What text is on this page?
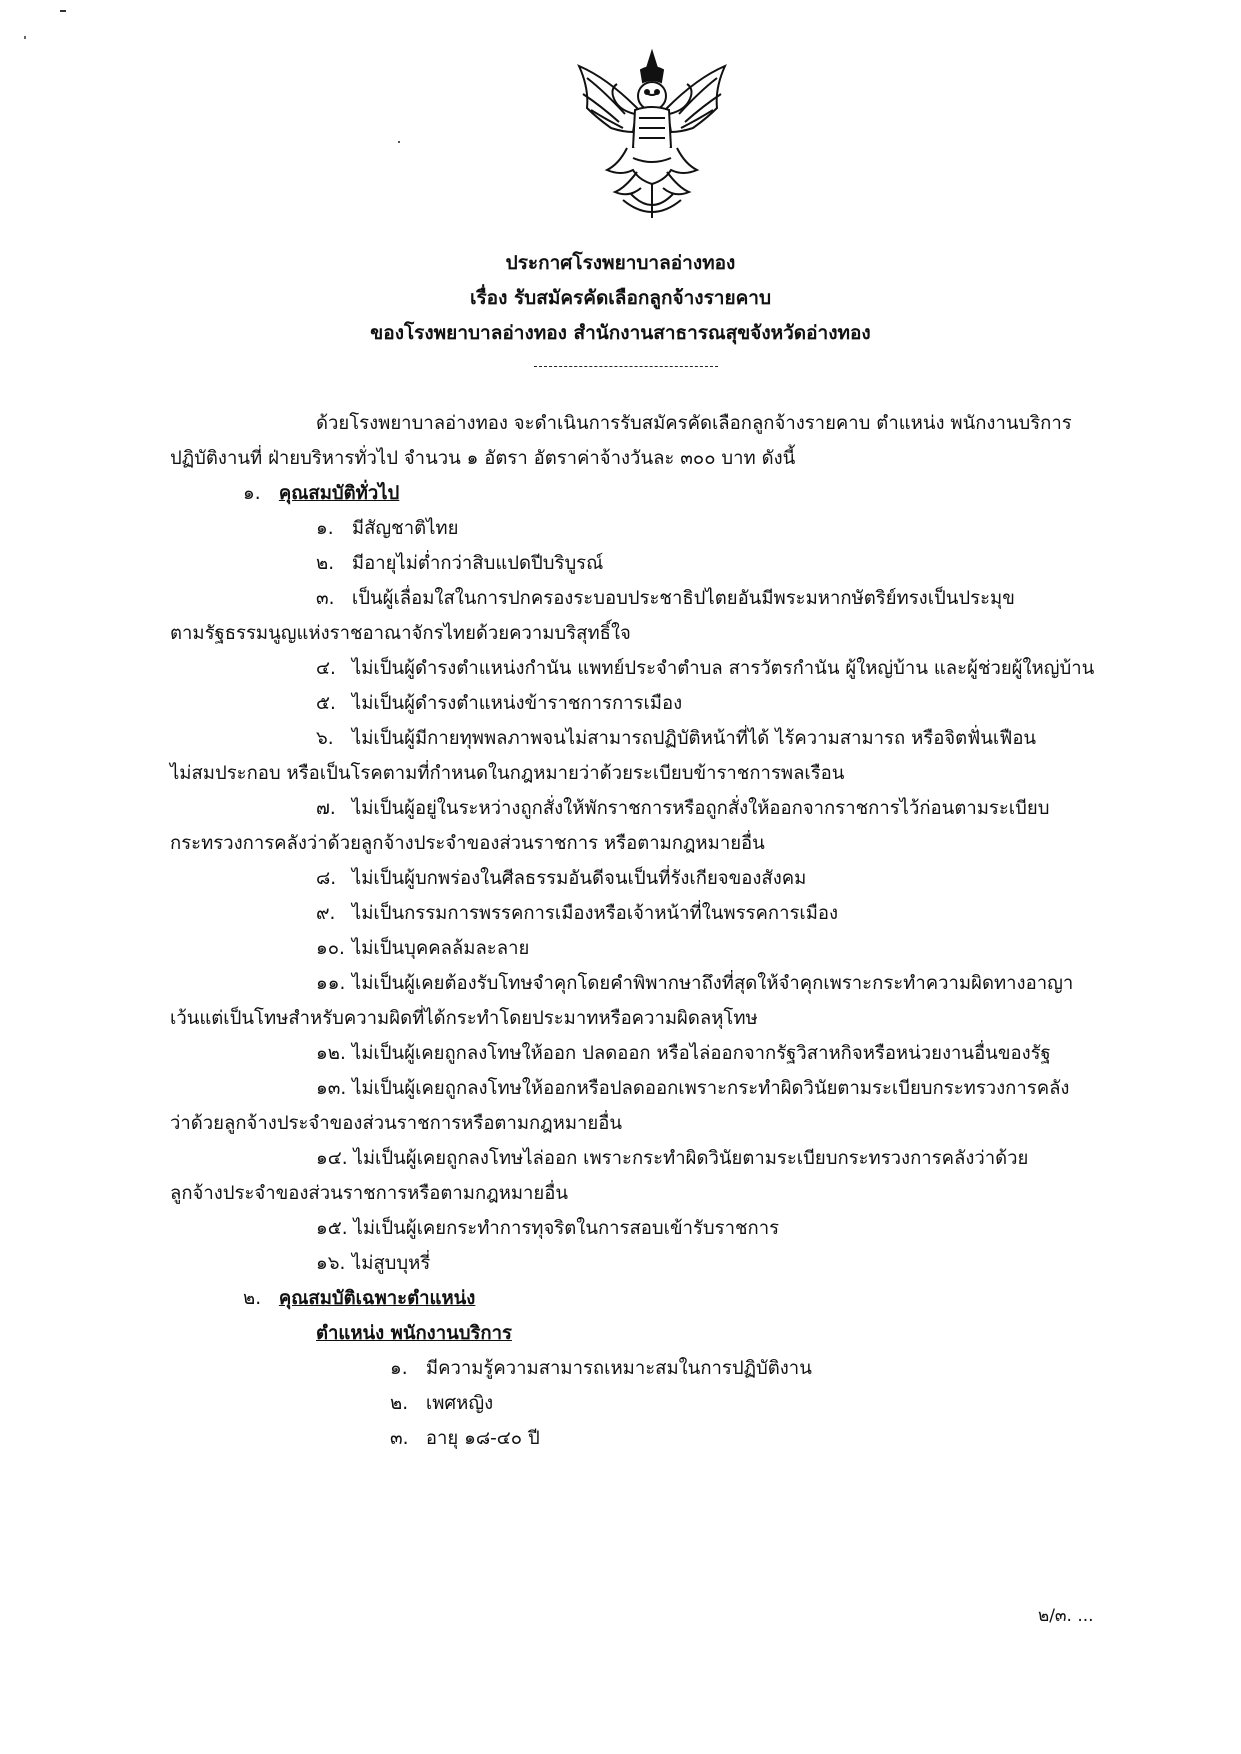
ประกาศโรงพยาบาลอ่างทอง
เรื่อง รับสมัครคัดเลือกลูกจ้างรายคาบ
ของโรงพยาบาลอ่างทอง สำนักงานสาธารณสุขจังหวัดอ่างทอง
ด้วยโรงพยาบาลอ่างทอง จะดำเนินการรับสมัครคัดเลือกลูกจ้างรายคาบ ตำแหน่ง พนักงานบริการ
ปฏิบัติงานที่ ฝ่ายบริหารทั่วไป จำนวน ๑ อัตรา อัตราค่าจ้างวันละ ๓๐๐ บาท ดังนี้
๑. คุณสมบัติทั่วไป
๑. มีสัญชาติไทย
๒. มีอายุไม่ต่ำกว่าสิบแปดปีบริบูรณ์
๓. เป็นผู้เลื่อมใสในการปกครองระบอบประชาธิปไตยอันมีพระมหากษัตริย์ทรงเป็นประมุข
ตามรัฐธรรมนูญแห่งราชอาณาจักรไทยด้วยความบริสุทธิ์ใจ
๔. ไม่เป็นผู้ดำรงตำแหน่งกำนัน แพทย์ประจำตำบล สารวัตรกำนัน ผู้ใหญ่บ้าน และผู้ช่วยผู้ใหญ่บ้าน
๕. ไม่เป็นผู้ดำรงตำแหน่งข้าราชการการเมือง
๖. ไม่เป็นผู้มีกายทุพพลภาพจนไม่สามารถปฏิบัติหน้าที่ได้ ไร้ความสามารถ หรือจิตฟั่นเฟือน
ไม่สมประกอบ หรือเป็นโรคตามที่กำหนดในกฎหมายว่าด้วยระเบียบข้าราชการพลเรือน
๗. ไม่เป็นผู้อยู่ในระหว่างถูกสั่งให้พักราชการหรือถูกสั่งให้ออกจากราชการไว้ก่อนตามระเบียบ
กระทรวงการคลังว่าด้วยลูกจ้างประจำของส่วนราชการ หรือตามกฎหมายอื่น
๘. ไม่เป็นผู้บกพร่องในศีลธรรมอันดีจนเป็นที่รังเกียจของสังคม
๙. ไม่เป็นกรรมการพรรคการเมืองหรือเจ้าหน้าที่ในพรรคการเมือง
๑๐. ไม่เป็นบุคคลล้มละลาย
๑๑. ไม่เป็นผู้เคยต้องรับโทษจำคุกโดยคำพิพากษาถึงที่สุดให้จำคุกเพราะกระทำความผิดทางอาญา
เว้นแต่เป็นโทษสำหรับความผิดที่ได้กระทำโดยประมาทหรือความผิดลหุโทษ
๑๒. ไม่เป็นผู้เคยถูกลงโทษให้ออก ปลดออก หรือไล่ออกจากรัฐวิสาหกิจหรือหน่วยงานอื่นของรัฐ
๑๓. ไม่เป็นผู้เคยถูกลงโทษให้ออกหรือปลดออกเพราะกระทำผิดวินัยตามระเบียบกระทรวงการคลัง
ว่าด้วยลูกจ้างประจำของส่วนราชการหรือตามกฎหมายอื่น
๑๔. ไม่เป็นผู้เคยถูกลงโทษไล่ออก เพราะกระทำผิดวินัยตามระเบียบกระทรวงการคลังว่าด้วย
ลูกจ้างประจำของส่วนราชการหรือตามกฎหมายอื่น
๑๕. ไม่เป็นผู้เคยกระทำการทุจริตในการสอบเข้ารับราชการ
๑๖. ไม่สูบบุหรี่
๒. คุณสมบัติเฉพาะตำแหน่ง
ตำแหน่ง พนักงานบริการ
๑. มีความรู้ความสามารถเหมาะสมในการปฏิบัติงาน
๒. เพศหญิง
๓. อายุ ๑๘-๔๐ ปี
๒/๓. ...
